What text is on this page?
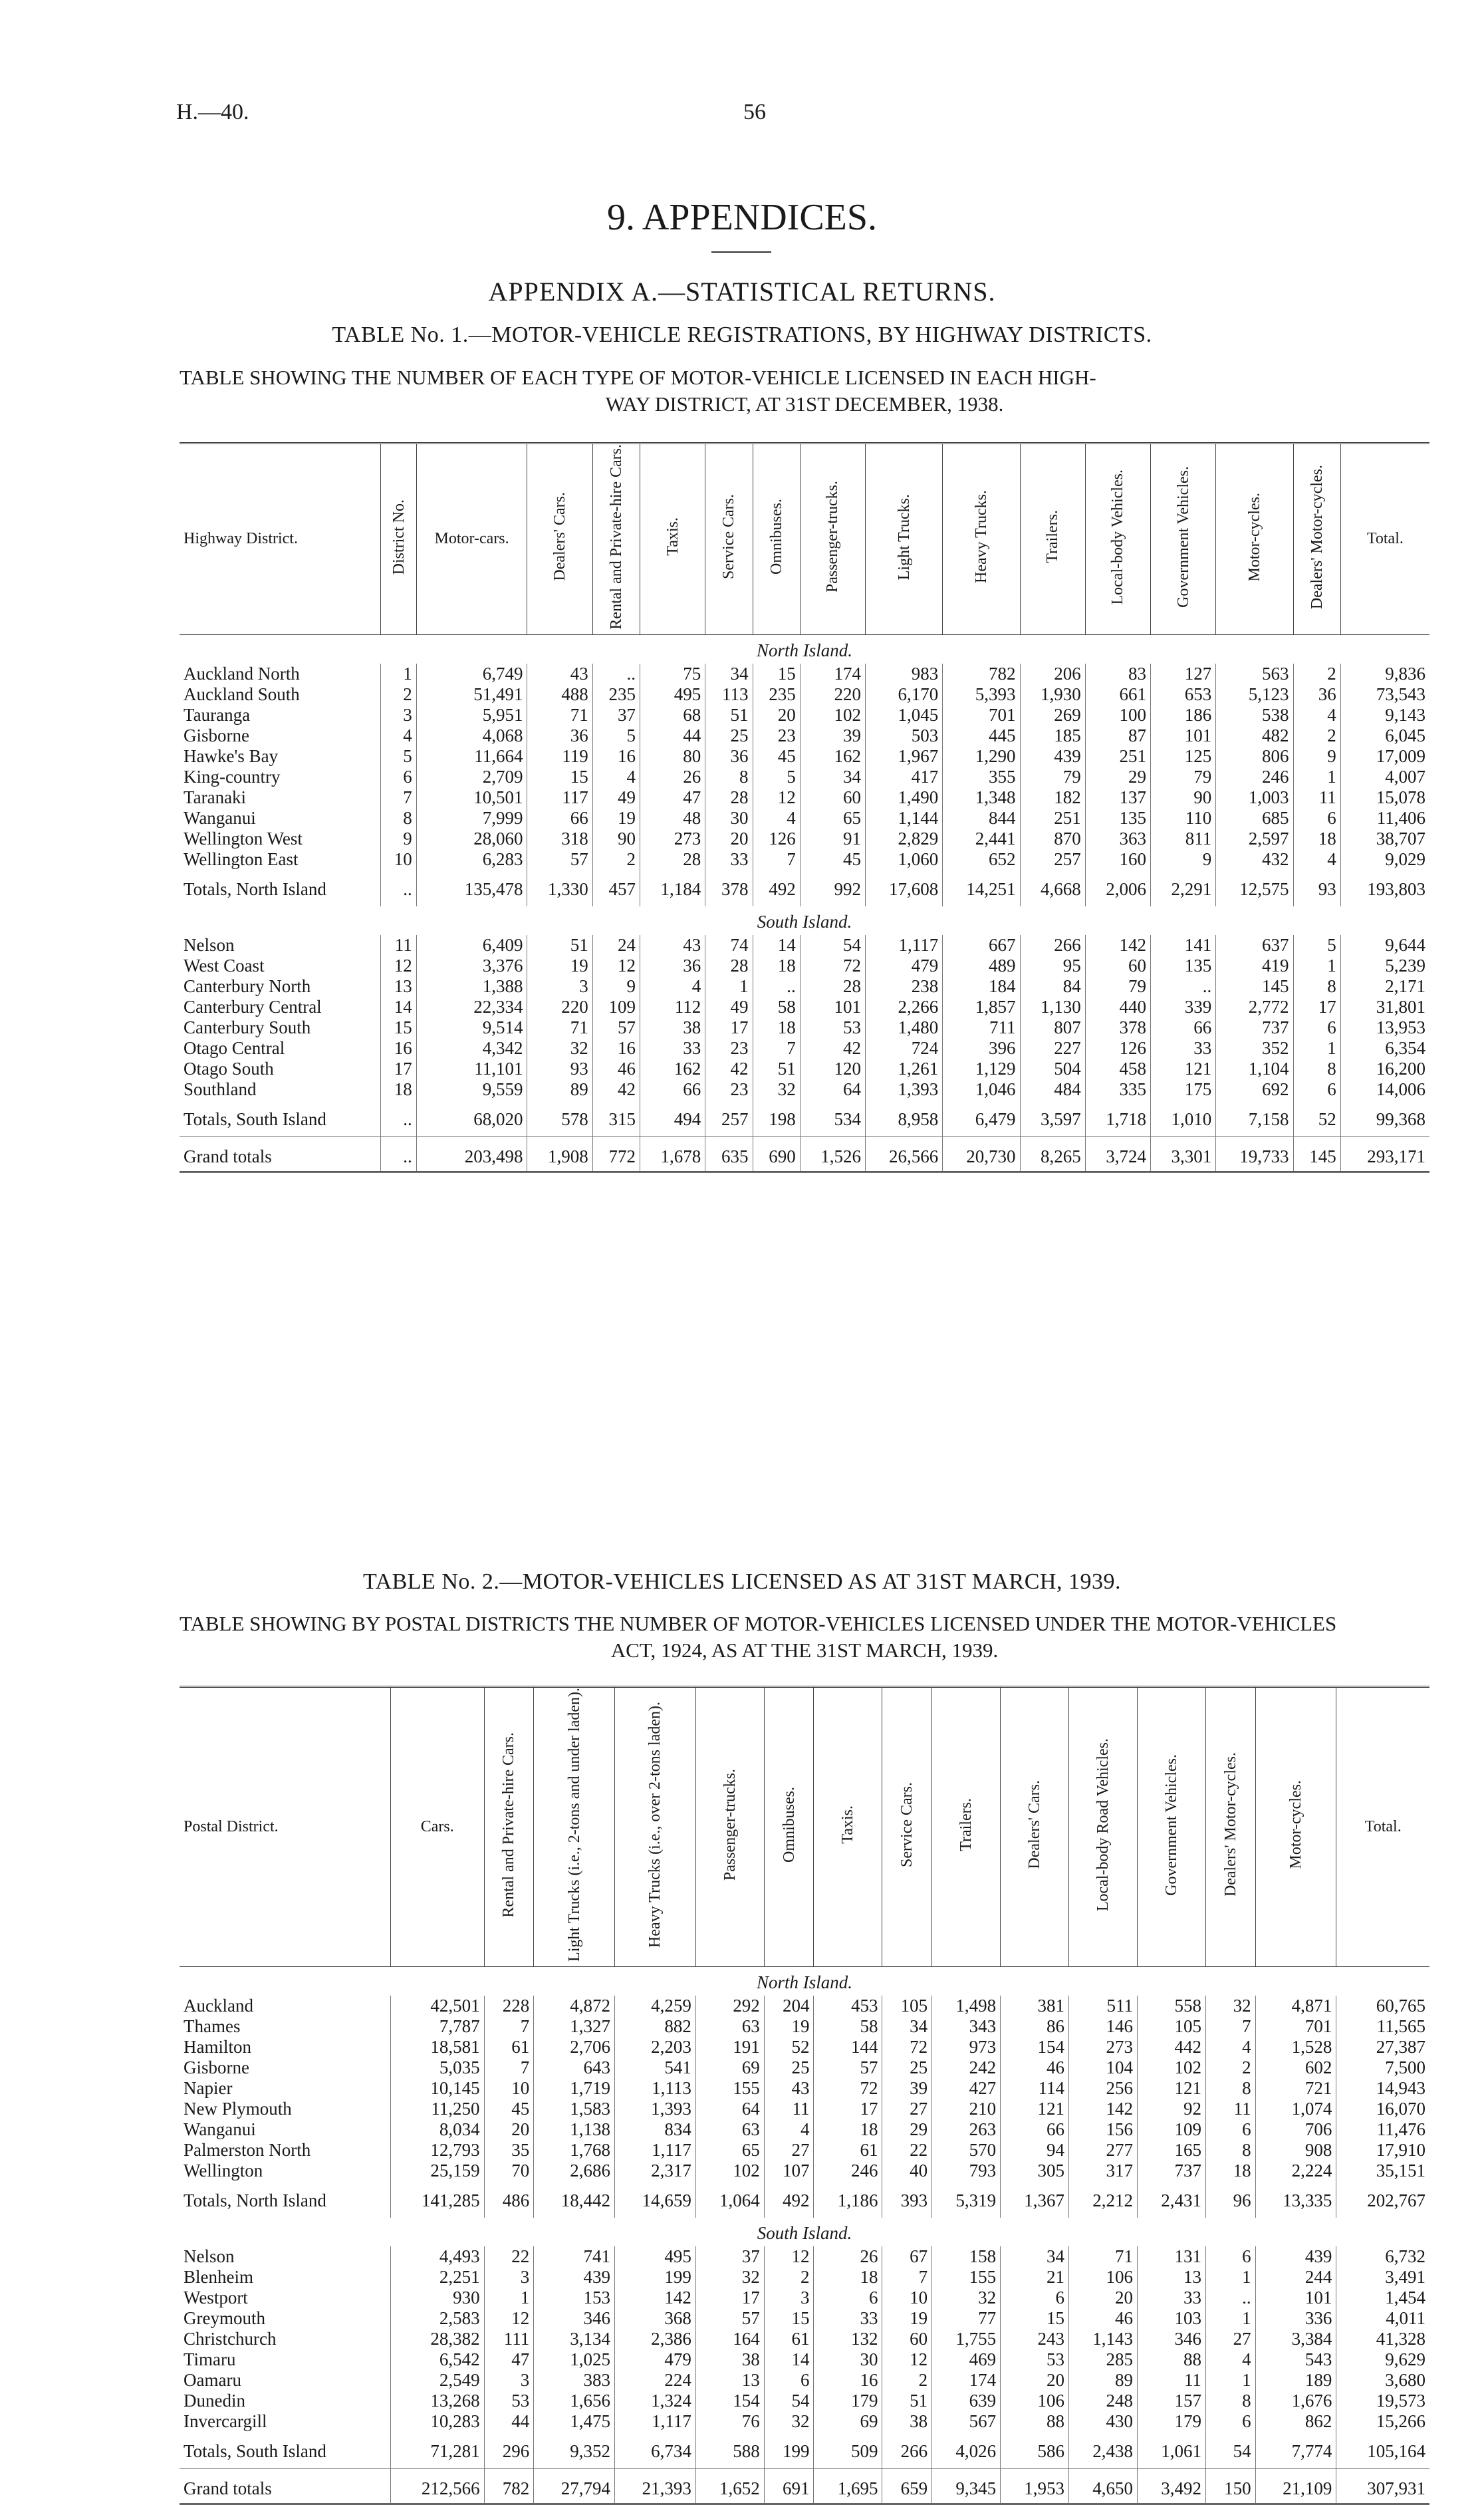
H.—40.	56
9. APPENDICES.
APPENDIX A.—STATISTICAL RETURNS.
TABLE No. 1.—MOTOR-VEHICLE REGISTRATIONS, BY HIGHWAY DISTRICTS.
TABLE SHOWING THE NUMBER OF EACH TYPE OF MOTOR-VEHICLE LICENSED IN EACH HIGH-
WAY DISTRICT, AT 31ST DECEMBER, 1938.
Highway District.	District No.	Motor-cars.	Dealers' Cars.	Rental and Private-hire Cars.	Taxis.	Service Cars.	Omnibuses.	Passenger-trucks.	Light Trucks.	Heavy Trucks.	Trailers.	Local-body Vehicles.	Government Vehicles.	Motor-cycles.	Dealers' Motor-cycles.	Total.
North Island.																
Auckland North	1	6,749	43	..	75	34	15	174	983	782	206	83	127	563	2	9,836
Auckland South	2	51,491	488	235	495	113	235	220	6,170	5,393	1,930	661	653	5,123	36	73,543
Tauranga	3	5,951	71	37	68	51	20	102	1,045	701	269	100	186	538	4	9,143
Gisborne	4	4,068	36	5	44	25	23	39	503	445	185	87	101	482	2	6,045
Hawke's Bay	5	11,664	119	16	80	36	45	162	1,967	1,290	439	251	125	806	9	17,009
King-country	6	2,709	15	4	26	8	5	34	417	355	79	29	79	246	1	4,007
Taranaki	7	10,501	117	49	47	28	12	60	1,490	1,348	182	137	90	1,003	11	15,078
Wanganui	8	7,999	66	19	48	30	4	65	1,144	844	251	135	110	685	6	11,406
Wellington West	9	28,060	318	90	273	20	126	91	2,829	2,441	870	363	811	2,597	18	38,707
Wellington East	10	6,283	57	2	28	33	7	45	1,060	652	257	160	9	432	4	9,029
Totals, North Island	..	135,478	1,330	457	1,184	378	492	992	17,608	14,251	4,668	2,006	2,291	12,575	93	193,803
South Island.																
Nelson	11	6,409	51	24	43	74	14	54	1,117	667	266	142	141	637	5	9,644
West Coast	12	3,376	19	12	36	28	18	72	479	489	95	60	135	419	1	5,239
Canterbury North	13	1,388	3	9	4	1	..	28	238	184	84	79	..	145	8	2,171
Canterbury Central	14	22,334	220	109	112	49	58	101	2,266	1,857	1,130	440	339	2,772	17	31,801
Canterbury South	15	9,514	71	57	38	17	18	53	1,480	711	807	378	66	737	6	13,953
Otago Central	16	4,342	32	16	33	23	7	42	724	396	227	126	33	352	1	6,354
Otago South	17	11,101	93	46	162	42	51	120	1,261	1,129	504	458	121	1,104	8	16,200
Southland	18	9,559	89	42	66	23	32	64	1,393	1,046	484	335	175	692	6	14,006
Totals, South Island	..	68,020	578	315	494	257	198	534	8,958	6,479	3,597	1,718	1,010	7,158	52	99,368
Grand totals	..	203,498	1,908	772	1,678	635	690	1,526	26,566	20,730	8,265	3,724	3,301	19,733	145	293,171
TABLE No. 2.—MOTOR-VEHICLES LICENSED AS AT 31ST MARCH, 1939.
TABLE SHOWING BY POSTAL DISTRICTS THE NUMBER OF MOTOR-VEHICLES LICENSED UNDER THE MOTOR-VEHICLES
ACT, 1924, AS AT THE 31ST MARCH, 1939.
Postal District.	Cars.	Rental and Private-hire Cars.	Light Trucks (i.e., 2-tons and under laden).	Heavy Trucks (i.e., over 2-tons laden).	Passenger-trucks.	Omnibuses.	Taxis.	Service Cars.	Trailers.	Dealers' Cars.	Local-body Road Vehicles.	Government Vehicles.	Dealers' Motor-cycles.	Motor-cycles.	Total.
North Island.															
Auckland	42,501	228	4,872	4,259	292	204	453	105	1,498	381	511	558	32	4,871	60,765
Thames	7,787	7	1,327	882	63	19	58	34	343	86	146	105	7	701	11,565
Hamilton	18,581	61	2,706	2,203	191	52	144	72	973	154	273	442	4	1,528	27,387
Gisborne	5,035	7	643	541	69	25	57	25	242	46	104	102	2	602	7,500
Napier	10,145	10	1,719	1,113	155	43	72	39	427	114	256	121	8	721	14,943
New Plymouth	11,250	45	1,583	1,393	64	11	17	27	210	121	142	92	11	1,074	16,070
Wanganui	8,034	20	1,138	834	63	4	18	29	263	66	156	109	6	706	11,476
Palmerston North	12,793	35	1,768	1,117	65	27	61	22	570	94	277	165	8	908	17,910
Wellington	25,159	70	2,686	2,317	102	107	246	40	793	305	317	737	18	2,224	35,151
Totals, North Island	141,285	486	18,442	14,659	1,064	492	1,186	393	5,319	1,367	2,212	2,431	96	13,335	202,767
South Island.															
Nelson	4,493	22	741	495	37	12	26	67	158	34	71	131	6	439	6,732
Blenheim	2,251	3	439	199	32	2	18	7	155	21	106	13	1	244	3,491
Westport	930	1	153	142	17	3	6	10	32	6	20	33	..	101	1,454
Greymouth	2,583	12	346	368	57	15	33	19	77	15	46	103	1	336	4,011
Christchurch	28,382	111	3,134	2,386	164	61	132	60	1,755	243	1,143	346	27	3,384	41,328
Timaru	6,542	47	1,025	479	38	14	30	12	469	53	285	88	4	543	9,629
Oamaru	2,549	3	383	224	13	6	16	2	174	20	89	11	1	189	3,680
Dunedin	13,268	53	1,656	1,324	154	54	179	51	639	106	248	157	8	1,676	19,573
Invercargill	10,283	44	1,475	1,117	76	32	69	38	567	88	430	179	6	862	15,266
Totals, South Island	71,281	296	9,352	6,734	588	199	509	266	4,026	586	2,438	1,061	54	7,774	105,164
Grand totals	212,566	782	27,794	21,393	1,652	691	1,695	659	9,345	1,953	4,650	3,492	150	21,109	307,931
